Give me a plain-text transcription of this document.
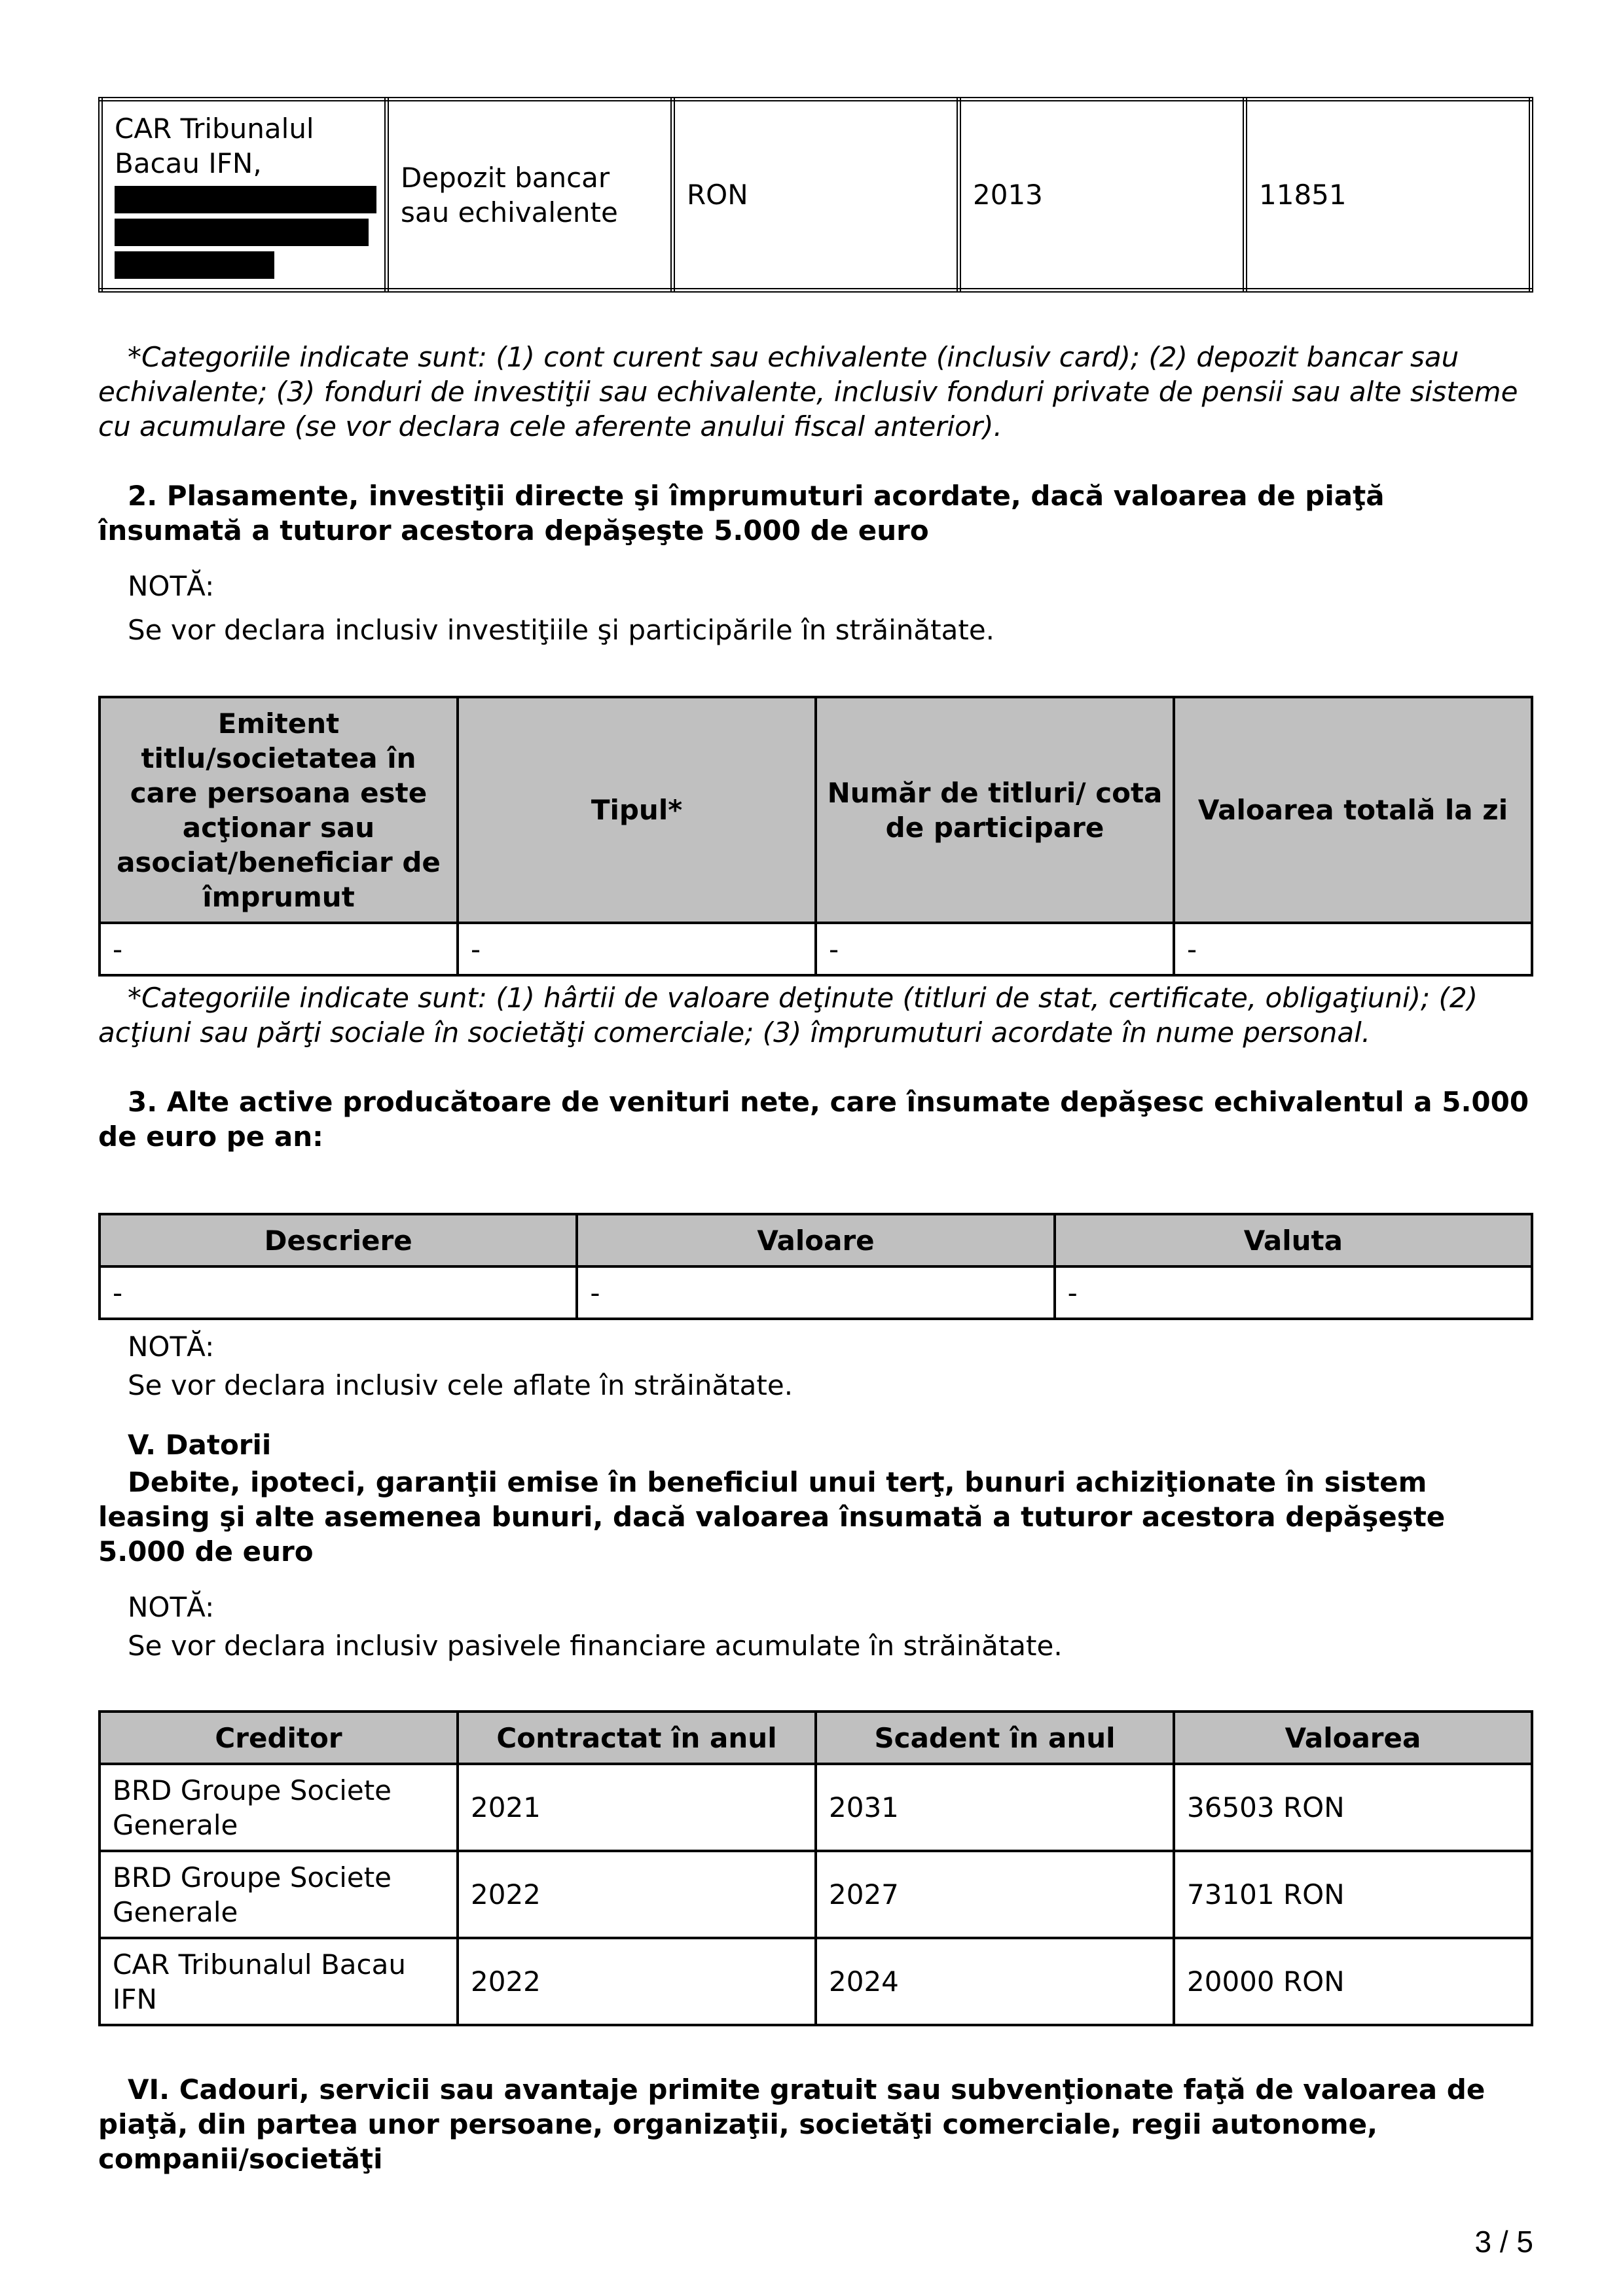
CAR Tribunalul
Bacau IFN,	Depozit bancar sau echivalente	RON	2013	11851

*Categoriile indicate sunt: (1) cont curent sau echivalente (inclusiv card); (2) depozit bancar sau echivalente; (3) fonduri de investiţii sau echivalente, inclusiv fonduri private de pensii sau alte sisteme cu acumulare (se vor declara cele aferente anului fiscal anterior).

2. Plasamente, investiţii directe şi împrumuturi acordate, dacă valoarea de piaţă însumată a tuturor acestora depăşeşte 5.000 de euro

NOTĂ:

Se vor declara inclusiv investiţiile şi participările în străinătate.

Emitent titlu/societatea în care persoana este acţionar sau asociat/beneficiar de împrumut	Tipul*	Număr de titluri/ cota de participare	Valoarea totală la zi
-	-	-	-

*Categoriile indicate sunt: (1) hârtii de valoare deţinute (titluri de stat, certificate, obligaţiuni); (2) acţiuni sau părţi sociale în societăţi comerciale; (3) împrumuturi acordate în nume personal.

3. Alte active producătoare de venituri nete, care însumate depăşesc echivalentul a 5.000 de euro pe an:

Descriere	Valoare	Valuta
-	-	-

NOTĂ:

Se vor declara inclusiv cele aflate în străinătate.

V. Datorii

Debite, ipoteci, garanţii emise în beneficiul unui terţ, bunuri achiziţionate în sistem leasing şi alte asemenea bunuri, dacă valoarea însumată a tuturor acestora depăşeşte 5.000 de euro

NOTĂ:

Se vor declara inclusiv pasivele financiare acumulate în străinătate.

Creditor	Contractat în anul	Scadent în anul	Valoarea
BRD Groupe Societe Generale	2021	2031	36503 RON
BRD Groupe Societe Generale	2022	2027	73101 RON
CAR Tribunalul Bacau IFN	2022	2024	20000 RON

VI. Cadouri, servicii sau avantaje primite gratuit sau subvenţionate faţă de valoarea de piaţă, din partea unor persoane, organizaţii, societăţi comerciale, regii autonome, companii/societăţi

3 / 5
